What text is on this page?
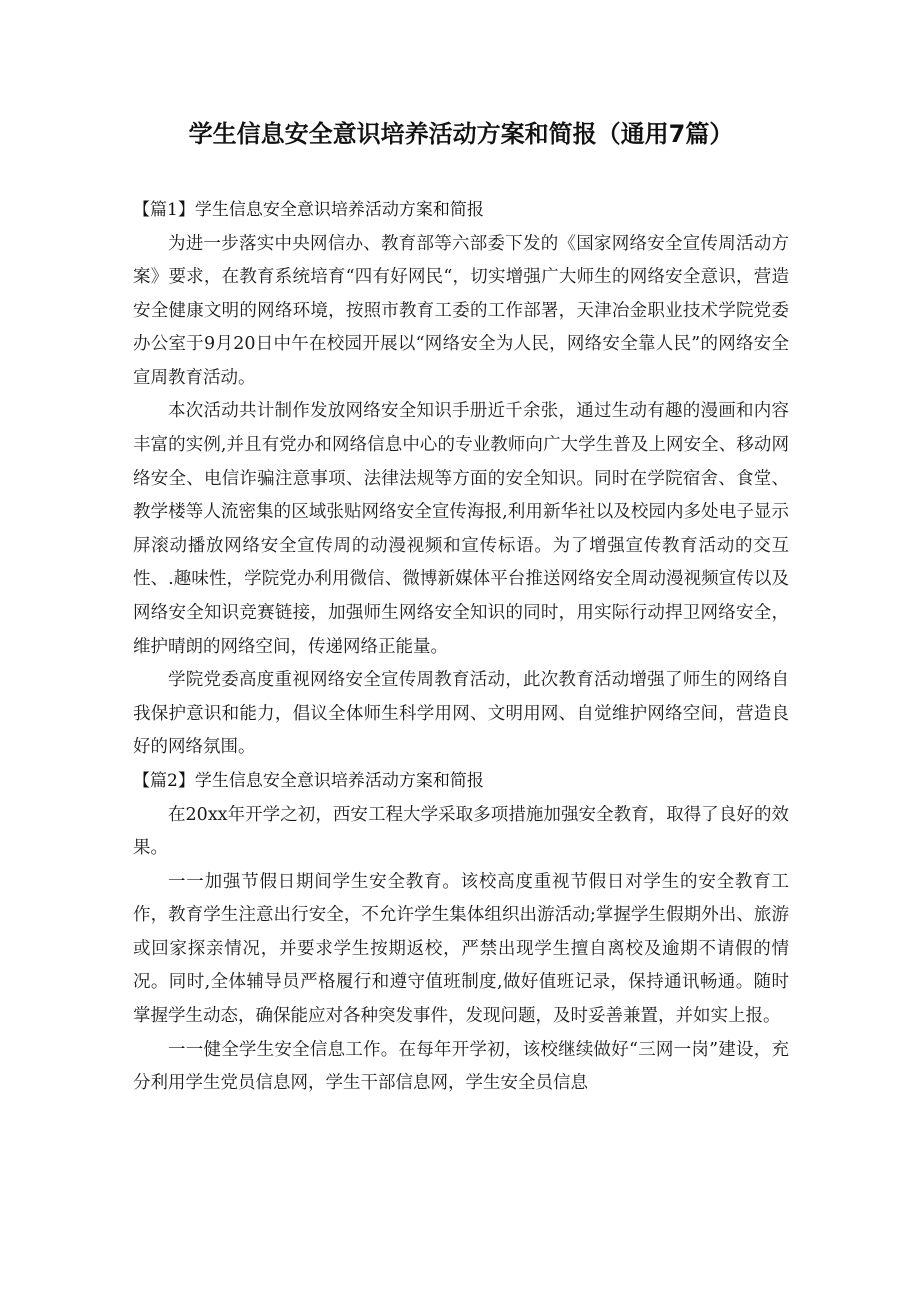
学生信息安全意识培养活动方案和简报（通用7篇）

【篇1】学生信息安全意识培养活动方案和简报

为进一步落实中央网信办、教育部等六部委下发的《国家网络安全宣传周活动方案》要求，在教育系统培育“四有好网民“，切实增强广大师生的网络安全意识，营造安全健康文明的网络环境，按照市教育工委的工作部署，天津冶金职业技术学院党委办公室于9月20日中午在校园开展以“网络安全为人民，网络安全靠人民”的网络安全宣周教育活动。

本次活动共计制作发放网络安全知识手册近千余张，通过生动有趣的漫画和内容丰富的实例,并且有党办和网络信息中心的专业教师向广大学生普及上网安全、移动网络安全、电信诈骗注意事项、法律法规等方面的安全知识。同时在学院宿舍、食堂、教学楼等人流密集的区域张贴网络安全宣传海报,利用新华社以及校园内多处电子显示屏滚动播放网络安全宣传周的动漫视频和宣传标语。为了增强宣传教育活动的交互性、.趣味性，学院党办利用微信、微博新媒体平台推送网络安全周动漫视频宣传以及网络安全知识竞赛链接，加强师生网络安全知识的同时，用实际行动捍卫网络安全，维护晴朗的网络空间，传递网络正能量。

学院党委高度重视网络安全宣传周教育活动，此次教育活动增强了师生的网络自我保护意识和能力，倡议全体师生科学用网、文明用网、自觉维护网络空间，营造良好的网络氛围。

【篇2】学生信息安全意识培养活动方案和简报

在20xx年开学之初，西安工程大学采取多项措施加强安全教育，取得了良好的效果。

一一加强节假日期间学生安全教育。该校高度重视节假日对学生的安全教育工作，教育学生注意出行安全，不允许学生集体组织出游活动;掌握学生假期外出、旅游或回家探亲情况，并要求学生按期返校，严禁出现学生擅自离校及逾期不请假的情况。同时,全体辅导员严格履行和遵守值班制度,做好值班记录，保持通讯畅通。随时掌握学生动态，确保能应对各种突发事件，发现问题，及时妥善兼置，并如实上报。

一一健全学生安全信息工作。在每年开学初，该校继续做好“三网一岗”建设，充分利用学生党员信息网，学生干部信息网，学生安全员信息
